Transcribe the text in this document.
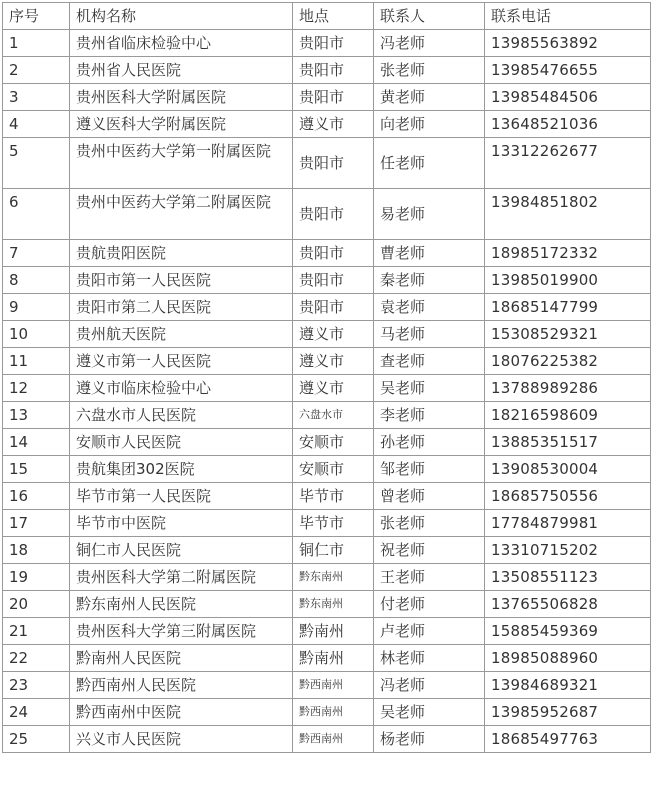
序号	机构名称	地点	联系人	联系电话
1	贵州省临床检验中心	贵阳市	冯老师	13985563892
2	贵州省人民医院	贵阳市	张老师	13985476655
3	贵州医科大学附属医院	贵阳市	黄老师	13985484506
4	遵义医科大学附属医院	遵义市	向老师	13648521036
5	贵州中医药大学第一附属医院	贵阳市	任老师	13312262677
6	贵州中医药大学第二附属医院	贵阳市	易老师	13984851802
7	贵航贵阳医院	贵阳市	曹老师	18985172332
8	贵阳市第一人民医院	贵阳市	秦老师	13985019900
9	贵阳市第二人民医院	贵阳市	袁老师	18685147799
10	贵州航天医院	遵义市	马老师	15308529321
11	遵义市第一人民医院	遵义市	查老师	18076225382
12	遵义市临床检验中心	遵义市	吴老师	13788989286
13	六盘水市人民医院	六盘水市	李老师	18216598609
14	安顺市人民医院	安顺市	孙老师	13885351517
15	贵航集团302医院	安顺市	邹老师	13908530004
16	毕节市第一人民医院	毕节市	曾老师	18685750556
17	毕节市中医院	毕节市	张老师	17784879981
18	铜仁市人民医院	铜仁市	祝老师	13310715202
19	贵州医科大学第二附属医院	黔东南州	王老师	13508551123
20	黔东南州人民医院	黔东南州	付老师	13765506828
21	贵州医科大学第三附属医院	黔南州	卢老师	15885459369
22	黔南州人民医院	黔南州	林老师	18985088960
23	黔西南州人民医院	黔西南州	冯老师	13984689321
24	黔西南州中医院	黔西南州	吴老师	13985952687
25	兴义市人民医院	黔西南州	杨老师	18685497763
